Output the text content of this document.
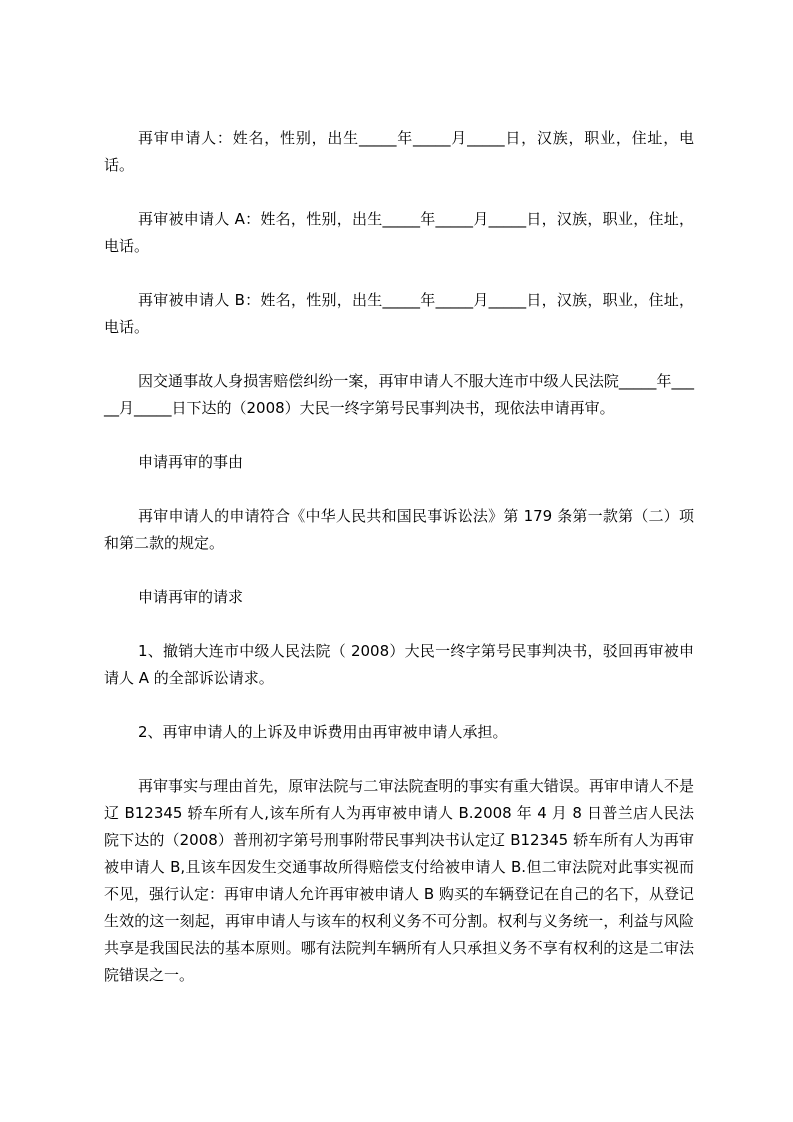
再审申请人：姓名，性别，出生_____年_____月_____日，汉族，职业，住址，电话。

再审被申请人 A：姓名，性别，出生_____年_____月_____日，汉族，职业，住址，电话。

再审被申请人 B：姓名，性别，出生_____年_____月_____日，汉族，职业，住址，电话。

因交通事故人身损害赔偿纠纷一案，再审申请人不服大连市中级人民法院_____年_____月_____日下达的（2008）大民一终字第号民事判决书，现依法申请再审。

申请再审的事由

再审申请人的申请符合《中华人民共和国民事诉讼法》第 179 条第一款第（二）项和第二款的规定。

申请再审的请求

1、撤销大连市中级人民法院（ 2008）大民一终字第号民事判决书，驳回再审被申请人 A 的全部诉讼请求。

2、再审申请人的上诉及申诉费用由再审被申请人承担。

再审事实与理由首先，原审法院与二审法院查明的事实有重大错误。再审申请人不是辽 B12345 轿车所有人,该车所有人为再审被申请人 B.2008 年 4 月 8 日普兰店人民法院下达的（2008）普刑初字第号刑事附带民事判决书认定辽 B12345 轿车所有人为再审被申请人 B,且该车因发生交通事故所得赔偿支付给被申请人 B.但二审法院对此事实视而不见，强行认定：再审申请人允许再审被申请人 B 购买的车辆登记在自己的名下，从登记生效的这一刻起，再审申请人与该车的权利义务不可分割。权利与义务统一，利益与风险共享是我国民法的基本原则。哪有法院判车辆所有人只承担义务不享有权利的这是二审法院错误之一。
